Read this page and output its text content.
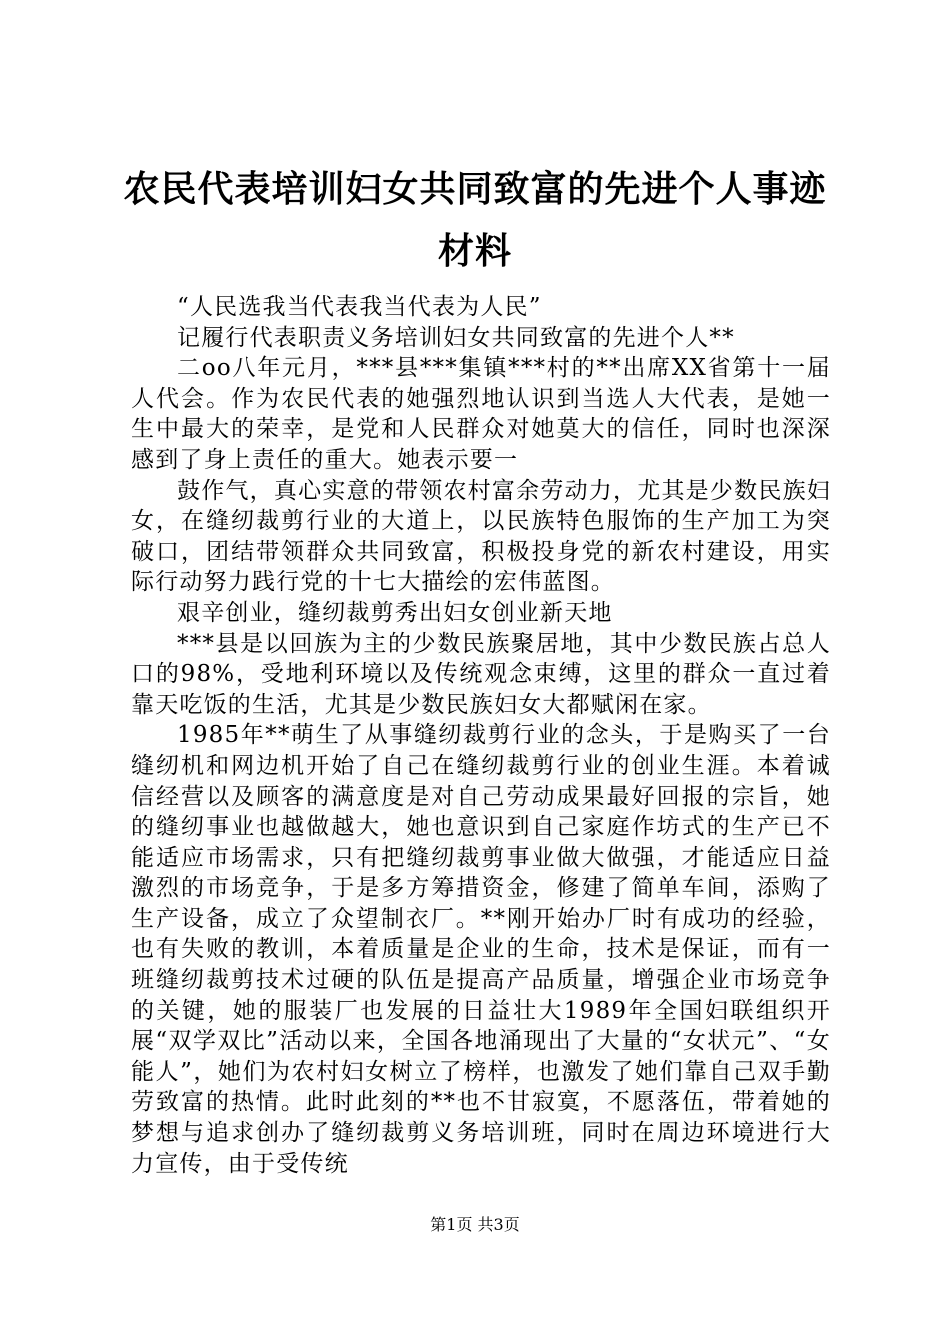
农民代表培训妇女共同致富的先进个人事迹材料

“人民选我当代表我当代表为人民”

记履行代表职责义务培训妇女共同致富的先进个人**

二oo八年元月，***县***集镇***村的**出席XX省第十一届人代会。作为农民代表的她强烈地认识到当选人大代表，是她一生中最大的荣幸，是党和人民群众对她莫大的信任，同时也深深感到了身上责任的重大。她表示要一

鼓作气，真心实意的带领农村富余劳动力，尤其是少数民族妇女，在缝纫裁剪行业的大道上，以民族特色服饰的生产加工为突破口，团结带领群众共同致富，积极投身党的新农村建设，用实际行动努力践行党的十七大描绘的宏伟蓝图。

艰辛创业，缝纫裁剪秀出妇女创业新天地

***县是以回族为主的少数民族聚居地，其中少数民族占总人口的98%，受地利环境以及传统观念束缚，这里的群众一直过着靠天吃饭的生活，尤其是少数民族妇女大都赋闲在家。

1985年**萌生了从事缝纫裁剪行业的念头，于是购买了一台缝纫机和网边机开始了自己在缝纫裁剪行业的创业生涯。本着诚信经营以及顾客的满意度是对自己劳动成果最好回报的宗旨，她的缝纫事业也越做越大，她也意识到自己家庭作坊式的生产已不能适应市场需求，只有把缝纫裁剪事业做大做强，才能适应日益激烈的市场竞争，于是多方筹措资金，修建了简单车间，添购了生产设备，成立了众望制衣厂。**刚开始办厂时有成功的经验，也有失败的教训，本着质量是企业的生命，技术是保证，而有一班缝纫裁剪技术过硬的队伍是提高产品质量，增强企业市场竞争的关键，她的服装厂也发展的日益壮大1989年全国妇联组织开展“双学双比”活动以来，全国各地涌现出了大量的“女状元”、“女能人”，她们为农村妇女树立了榜样，也激发了她们靠自己双手勤劳致富的热情。此时此刻的**也不甘寂寞，不愿落伍，带着她的梦想与追求创办了缝纫裁剪义务培训班，同时在周边环境进行大力宣传，由于受传统

第1页 共3页
